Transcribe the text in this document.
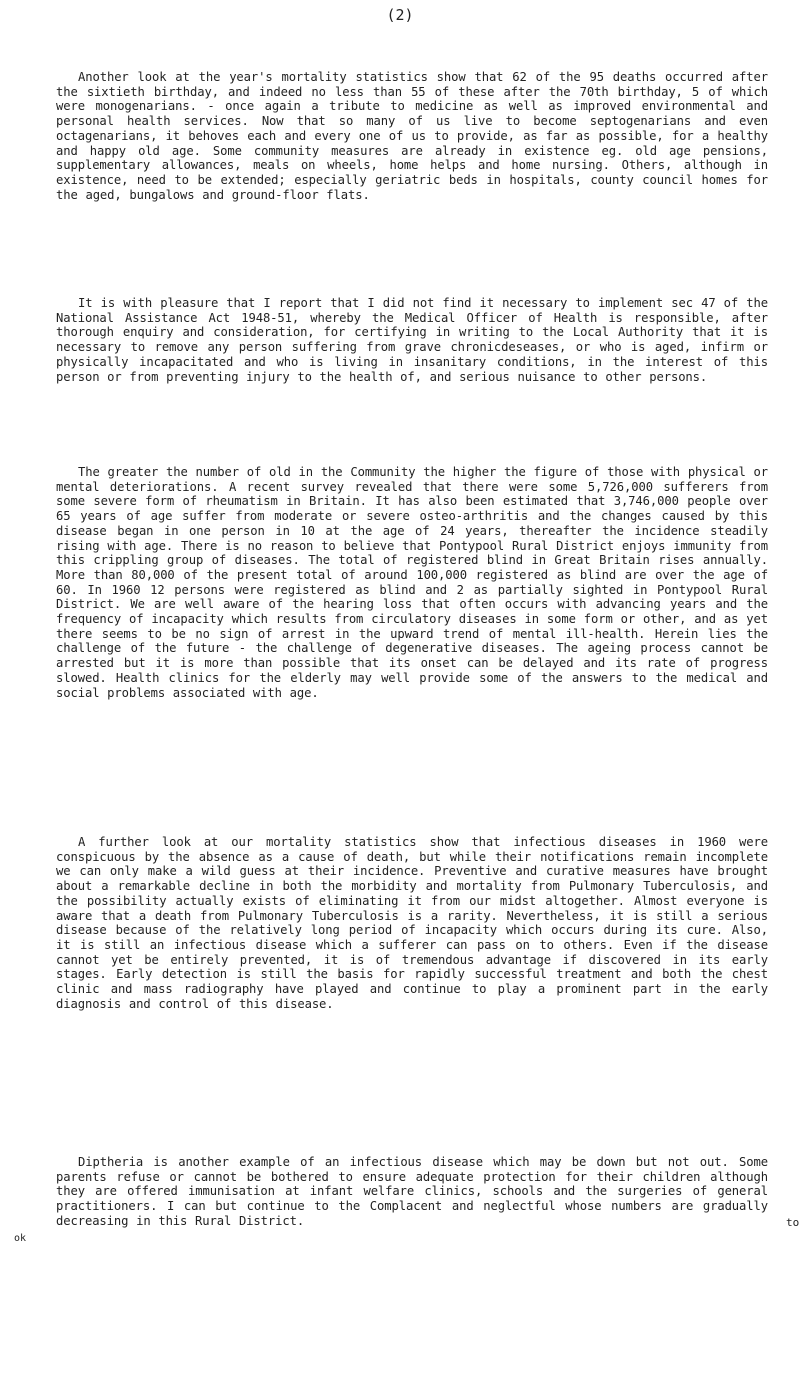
(2)

Another look at the year's mortality statistics show that 62 of the 95 deaths occurred after the sixtieth birthday, and indeed no less than 55 of these after the 70th birthday, 5 of which were monogenarians. - once again a tribute to medicine as well as improved environmental and personal health services. Now that so many of us live to become septogenarians and even octagenarians, it behoves each and every one of us to provide, as far as possible, for a healthy and happy old age. Some community measures are already in existence eg. old age pensions, supplementary allowances, meals on wheels, home helps and home nursing. Others, although in existence, need to be extended; especially geriatric beds in hospitals, county council homes for the aged, bungalows and ground-floor flats.

It is with pleasure that I report that I did not find it necessary to implement sec 47 of the National Assistance Act 1948-51, whereby the Medical Officer of Health is responsible, after thorough enquiry and consideration, for certifying in writing to the Local Authority that it is necessary to remove any person suffering from grave chronicdeseases, or who is aged, infirm or physically incapacitated and who is living in insanitary conditions, in the interest of this person or from preventing injury to the health of, and serious nuisance to other persons.

The greater the number of old in the Community the higher the figure of those with physical or mental deteriorations. A recent survey revealed that there were some 5,726,000 sufferers from some severe form of rheumatism in Britain. It has also been estimated that 3,746,000 people over 65 years of age suffer from moderate or severe osteo-arthritis and the changes caused by this disease began in one person in 10 at the age of 24 years, thereafter the incidence steadily rising with age. There is no reason to believe that Pontypool Rural District enjoys immunity from this crippling group of diseases. The total of registered blind in Great Britain rises annually. More than 80,000 of the present total of around 100,000 registered as blind are over the age of 60. In 1960 12 persons were registered as blind and 2 as partially sighted in Pontypool Rural District. We are well aware of the hearing loss that often occurs with advancing years and the frequency of incapacity which results from circulatory diseases in some form or other, and as yet there seems to be no sign of arrest in the upward trend of mental ill-health. Herein lies the challenge of the future - the challenge of degenerative diseases. The ageing process cannot be arrested but it is more than possible that its onset can be delayed and its rate of progress slowed. Health clinics for the elderly may well provide some of the answers to the medical and social problems associated with age.

A further look at our mortality statistics show that infectious diseases in 1960 were conspicuous by the absence as a cause of death, but while their notifications remain incomplete we can only make a wild guess at their incidence. Preventive and curative measures have brought about a remarkable decline in both the morbidity and mortality from Pulmonary Tuberculosis, and the possibility actually exists of eliminating it from our midst altogether. Almost everyone is aware that a death from Pulmonary Tuberculosis is a rarity. Nevertheless, it is still a serious disease because of the relatively long period of incapacity which occurs during its cure. Also, it is still an infectious disease which a sufferer can pass on to others. Even if the disease cannot yet be entirely prevented, it is of tremendous advantage if discovered in its early stages. Early detection is still the basis for rapidly successful treatment and both the chest clinic and mass radiography have played and continue to play a prominent part in the early diagnosis and control of this disease.

Diptheria is another example of an infectious disease which may be down but not out. Some parents refuse or cannot be bothered to ensure adequate protection for their children although they are offered immunisation at infant welfare clinics, schools and the surgeries of general practitioners. I can but continue to the Complacent and neglectful whose numbers are gradually decreasing in this Rural District.	to
ok
